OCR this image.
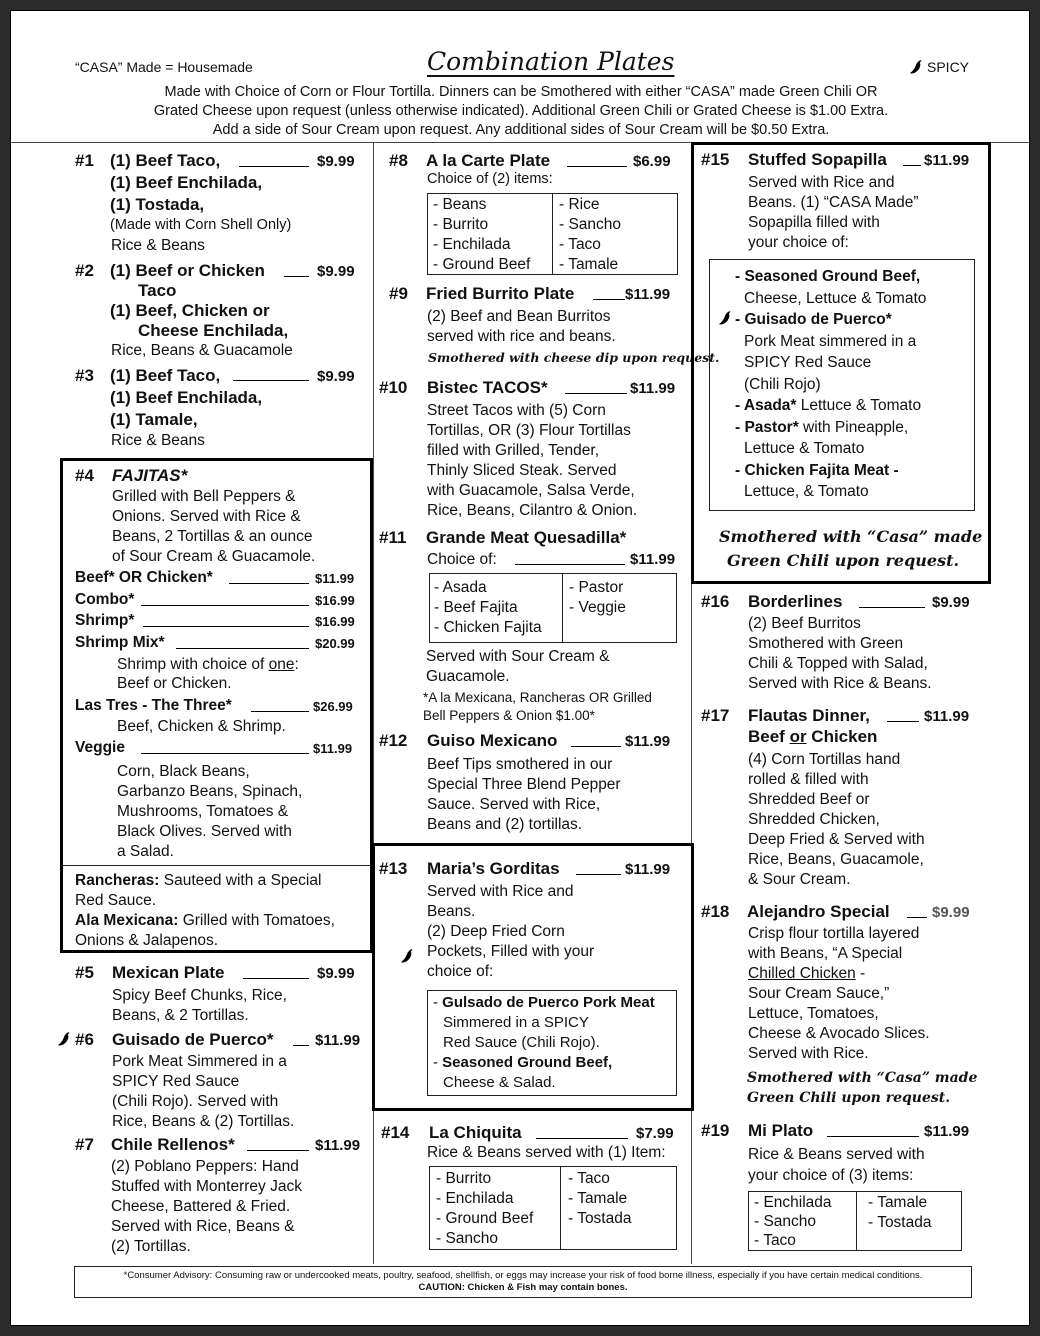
“CASA” Made = Housemade	Combination Plates	SPICY
Made with Choice of Corn or Flour Tortilla. Dinners can be Smothered with either “CASA” made Green Chili OR
Grated Cheese upon request (unless otherwise indicated). Additional Green Chili or Grated Cheese is $1.00 Extra.
Add a side of Sour Cream upon request. Any additional sides of Sour Cream will be $0.50 Extra.
#1 (1) Beef Taco,	$9.99
(1) Beef Enchilada,
(1) Tostada,
(Made with Corn Shell Only)
Rice & Beans
#2 (1) Beef or Chicken	$9.99
Taco
(1) Beef, Chicken or
Cheese Enchilada,
Rice, Beans & Guacamole
#3 (1) Beef Taco,	$9.99
(1) Beef Enchilada,
(1) Tamale,
Rice & Beans
#4 FAJITAS*
Grilled with Bell Peppers &
Onions. Served with Rice &
Beans, 2 Tortillas & an ounce
of Sour Cream & Guacamole.
Beef* OR Chicken*	$11.99
Combo*	$16.99
Shrimp*	$16.99
Shrimp Mix*	$20.99
Shrimp with choice of one:
Beef or Chicken.
Las Tres - The Three*	$26.99
Beef, Chicken & Shrimp.
Veggie	$11.99
Corn, Black Beans,
Garbanzo Beans, Spinach,
Mushrooms, Tomatoes &
Black Olives. Served with
a Salad.
Rancheras: Sauteed with a Special
Red Sauce.
Ala Mexicana: Grilled with Tomatoes,
Onions & Jalapenos.
#5 Mexican Plate	$9.99
Spicy Beef Chunks, Rice,
Beans, & 2 Tortillas.
#6 Guisado de Puerco*	$11.99
Pork Meat Simmered in a
SPICY Red Sauce
(Chili Rojo). Served with
Rice, Beans & (2) Tortillas.
#7 Chile Rellenos*	$11.99
(2) Poblano Peppers: Hand
Stuffed with Monterrey Jack
Cheese, Battered & Fried.
Served with Rice, Beans &
(2) Tortillas.
#8 A la Carte Plate	$6.99
Choice of (2) items:
- Beans
- Burrito
- Enchilada
- Ground Beef
- Rice
- Sancho
- Taco
- Tamale
#9 Fried Burrito Plate	$11.99
(2) Beef and Bean Burritos
served with rice and beans.
Smothered with cheese dip upon request.
#10 Bistec TACOS*	$11.99
Street Tacos with (5) Corn
Tortillas, OR (3) Flour Tortillas
filled with Grilled, Tender,
Thinly Sliced Steak. Served
with Guacamole, Salsa Verde,
Rice, Beans, Cilantro & Onion.
#11 Grande Meat Quesadilla*
Choice of:	$11.99
- Asada
- Beef Fajita
- Chicken Fajita
- Pastor
- Veggie
Served with Sour Cream &
Guacamole.
*A la Mexicana, Rancheras OR Grilled
Bell Peppers & Onion $1.00*
#12 Guiso Mexicano	$11.99
Beef Tips smothered in our
Special Three Blend Pepper
Sauce. Served with Rice,
Beans and (2) tortillas.
#13 Maria’s Gorditas	$11.99
Served with Rice and
Beans.
(2) Deep Fried Corn
Pockets, Filled with your
choice of:
- Gulsado de Puerco Pork Meat
Simmered in a SPICY
Red Sauce (Chili Rojo).
- Seasoned Ground Beef,
Cheese & Salad.
#14 La Chiquita	$7.99
Rice & Beans served with (1) Item:
- Burrito
- Enchilada
- Ground Beef
- Sancho
- Taco
- Tamale
- Tostada
#15 Stuffed Sopapilla $11.99
Served with Rice and
Beans. (1) “CASA Made”
Sopapilla filled with
your choice of:
- Seasoned Ground Beef,
Cheese, Lettuce & Tomato
- Guisado de Puerco*
Pork Meat simmered in a
SPICY Red Sauce
(Chili Rojo)
- Asada* Lettuce & Tomato
- Pastor* with Pineapple,
Lettuce & Tomato
- Chicken Fajita Meat -
Lettuce, & Tomato
Smothered with “Casa” made
Green Chili upon request.
#16 Borderlines	$9.99
(2) Beef Burritos
Smothered with Green
Chili & Topped with Salad,
Served with Rice & Beans.
#17 Flautas Dinner,	$11.99
Beef or Chicken
(4) Corn Tortillas hand
rolled & filled with
Shredded Beef or
Shredded Chicken,
Deep Fried & Served with
Rice, Beans, Guacamole,
& Sour Cream.
#18 Alejandro Special	$9.99
Crisp flour tortilla layered
with Beans, “A Special
Chilled Chicken -
Sour Cream Sauce,”
Lettuce, Tomatoes,
Cheese & Avocado Slices.
Served with Rice.
Smothered with “Casa” made
Green Chili upon request.
#19 Mi Plato	$11.99
Rice & Beans served with
your choice of (3) items:
- Enchilada
- Sancho
- Taco
- Tamale
- Tostada
*Consumer Advisory: Consuming raw or undercooked meats, poultry, seafood, shellfish, or eggs may increase your risk of food borne illness, especially if you have certain medical conditions.
CAUTION: Chicken & Fish may contain bones.
